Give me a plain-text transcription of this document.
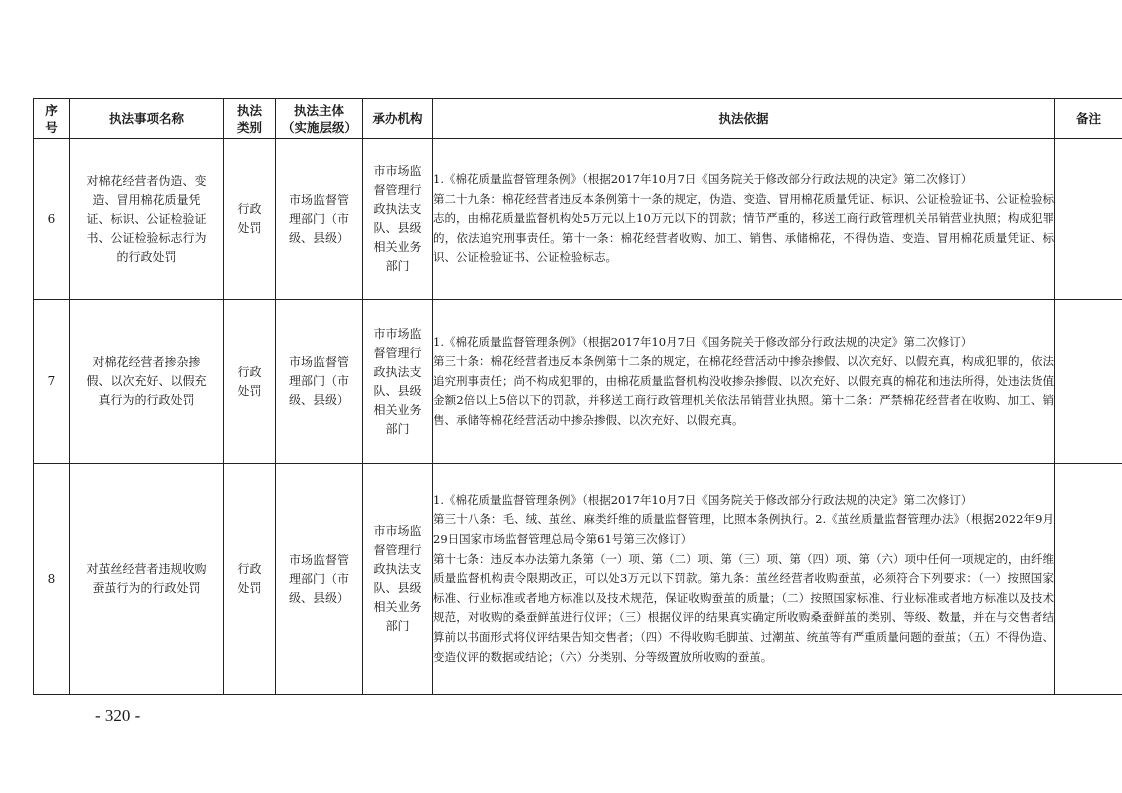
序号	执法事项名称	执法类别	执法主体（实施层级）	承办机构	执法依据	备注
6	对棉花经营者伪造、变造、冒用棉花质量凭证、标识、公证检验证书、公证检验标志行为的行政处罚	行政处罚	市场监督管理部门（市级、县级）	市市场监督管理行政执法支队、县级相关业务部门	1.《棉花质量监督管理条例》（根据2017年10月7日《国务院关于修改部分行政法规的决定》第二次修订）

第二十九条：棉花经营者违反本条例第十一条的规定，伪造、变造、冒用棉花质量凭证、标识、公证检验证书、公证检验标志的，由棉花质量监督机构处5万元以上10万元以下的罚款；情节严重的，移送工商行政管理机关吊销营业执照；构成犯罪的，依法追究刑事责任。第十一条：棉花经营者收购、加工、销售、承储棉花，不得伪造、变造、冒用棉花质量凭证、标识、公证检验证书、公证检验标志。	

7	对棉花经营者掺杂掺假、以次充好、以假充真行为的行政处罚	行政处罚	市场监督管理部门（市级、县级）	市市场监督管理行政执法支队、县级相关业务部门	1.《棉花质量监督管理条例》（根据2017年10月7日《国务院关于修改部分行政法规的决定》第二次修订）

第三十条：棉花经营者违反本条例第十二条的规定，在棉花经营活动中掺杂掺假、以次充好、以假充真，构成犯罪的，依法追究刑事责任；尚不构成犯罪的，由棉花质量监督机构没收掺杂掺假、以次充好、以假充真的棉花和违法所得，处违法货值金额2倍以上5倍以下的罚款，并移送工商行政管理机关依法吊销营业执照。第十二条：严禁棉花经营者在收购、加工、销售、承储等棉花经营活动中掺杂掺假、以次充好、以假充真。	

8	对茧丝经营者违规收购蚕茧行为的行政处罚	行政处罚	市场监督管理部门（市级、县级）	市市场监督管理行政执法支队、县级相关业务部门	1.《棉花质量监督管理条例》（根据2017年10月7日《国务院关于修改部分行政法规的决定》第二次修订）

第三十八条：毛、绒、茧丝、麻类纤维的质量监督管理，比照本条例执行。2.《茧丝质量监督管理办法》（根据2022年9月29日国家市场监督管理总局令第61号第三次修订）

第十七条：违反本办法第九条第（一）项、第（二）项、第（三）项、第（四）项、第（六）项中任何一项规定的，由纤维质量监督机构责令限期改正，可以处3万元以下罚款。第九条：茧丝经营者收购蚕茧，必须符合下列要求：（一）按照国家标准、行业标准或者地方标准以及技术规范，保证收购蚕茧的质量；（二）按照国家标准、行业标准或者地方标准以及技术规范，对收购的桑蚕鲜茧进行仪评；（三）根据仪评的结果真实确定所收购桑蚕鲜茧的类别、等级、数量，并在与交售者结算前以书面形式将仪评结果告知交售者；（四）不得收购毛脚茧、过潮茧、统茧等有严重质量问题的蚕茧；（五）不得伪造、变造仪评的数据或结论；（六）分类别、分等级置放所收购的蚕茧。	

- 320 -
